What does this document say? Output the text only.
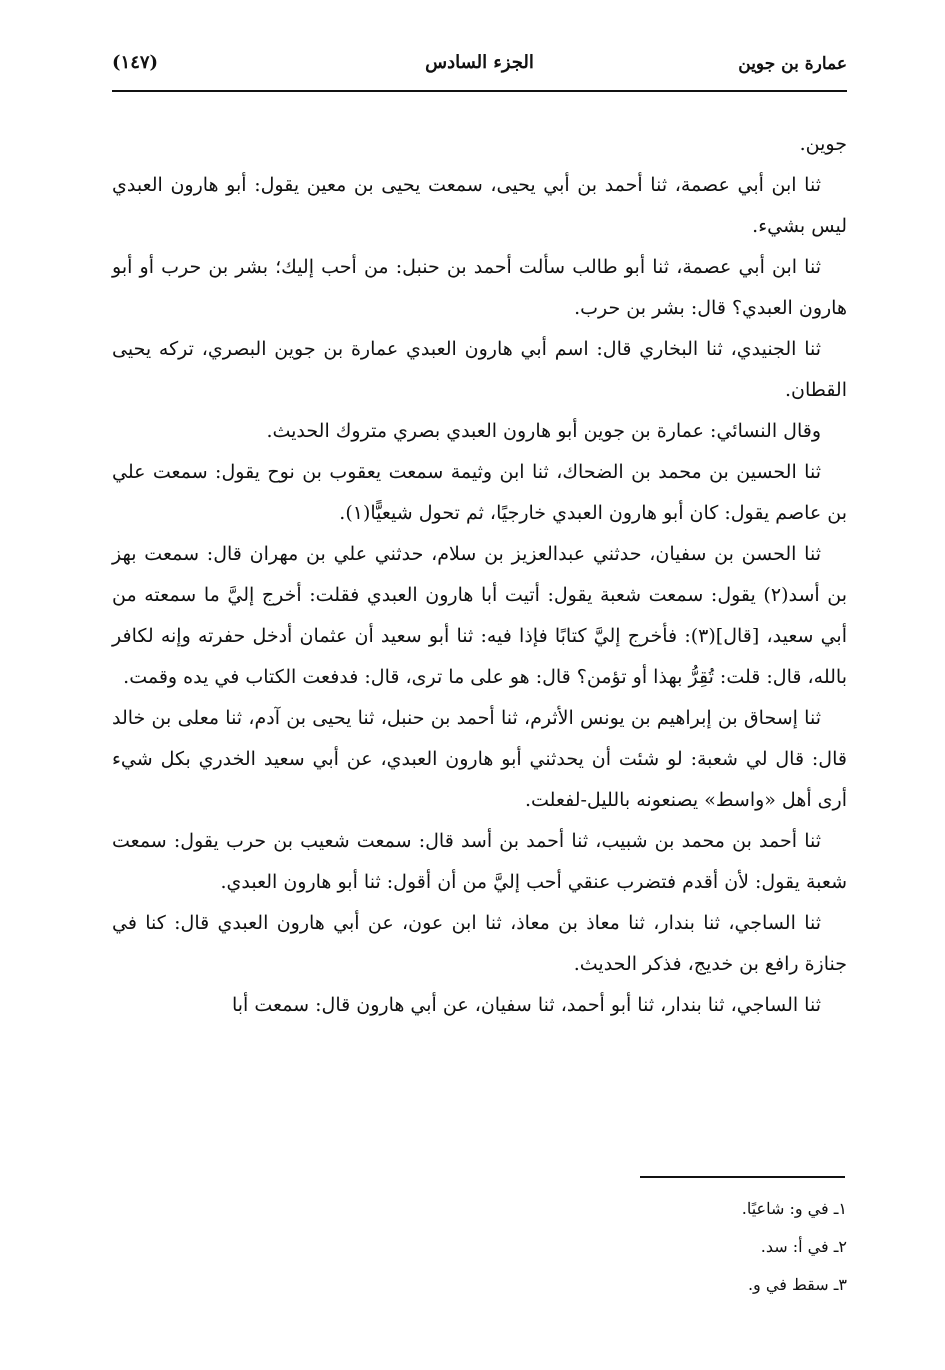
عمارة بن جوين
الجزء السادس
(١٤٧)

جوين.

ثنا ابن أبي عصمة، ثنا أحمد بن أبي يحيى، سمعت يحيى بن معين يقول: أبو هارون العبدي ليس بشيء.

ثنا ابن أبي عصمة، ثنا أبو طالب سألت أحمد بن حنبل: من أحب إليك؛ بشر بن حرب أو أبو هارون العبدي؟ قال: بشر بن حرب.

ثنا الجنيدي، ثنا البخاري قال: اسم أبي هارون العبدي عمارة بن جوين البصري، تركه يحيى القطان.

وقال النسائي: عمارة بن جوين أبو هارون العبدي بصري متروك الحديث.

ثنا الحسين بن محمد بن الضحاك، ثنا ابن وثيمة سمعت يعقوب بن نوح يقول: سمعت علي بن عاصم يقول: كان أبو هارون العبدي خارجيًا، ثم تحول شيعيًّا(١).

ثنا الحسن بن سفيان، حدثني عبدالعزيز بن سلام، حدثني علي بن مهران قال: سمعت بهز بن أسد(٢) يقول: سمعت شعبة يقول: أتيت أبا هارون العبدي فقلت: أخرج إليَّ ما سمعته من أبي سعيد، [قال](٣): فأخرج إليَّ كتابًا فإذا فيه: ثنا أبو سعيد أن عثمان أدخل حفرته وإنه لكافر بالله، قال: قلت: تُقِرُّ بهذا أو تؤمن؟ قال: هو على ما ترى، قال: فدفعت الكتاب في يده وقمت.

ثنا إسحاق بن إبراهيم بن يونس الأثرم، ثنا أحمد بن حنبل، ثنا يحيى بن آدم، ثنا معلى بن خالد قال: قال لي شعبة: لو شئت أن يحدثني أبو هارون العبدي، عن أبي سعيد الخدري بكل شيء أرى أهل «واسط» يصنعونه بالليل-لفعلت.

ثنا أحمد بن محمد بن شبيب، ثنا أحمد بن أسد قال: سمعت شعيب بن حرب يقول: سمعت شعبة يقول: لأن أقدم فتضرب عنقي أحب إليَّ من أن أقول: ثنا أبو هارون العبدي.

ثنا الساجي، ثنا بندار، ثنا معاذ بن معاذ، ثنا ابن عون، عن أبي هارون العبدي قال: كنا في جنازة رافع بن خديج، فذكر الحديث.

ثنا الساجي، ثنا بندار، ثنا أبو أحمد، ثنا سفيان، عن أبي هارون قال: سمعت أبا

١ـ في و: شاعيًا.

٢ـ في أ: سد.

٣ـ سقط في و.
